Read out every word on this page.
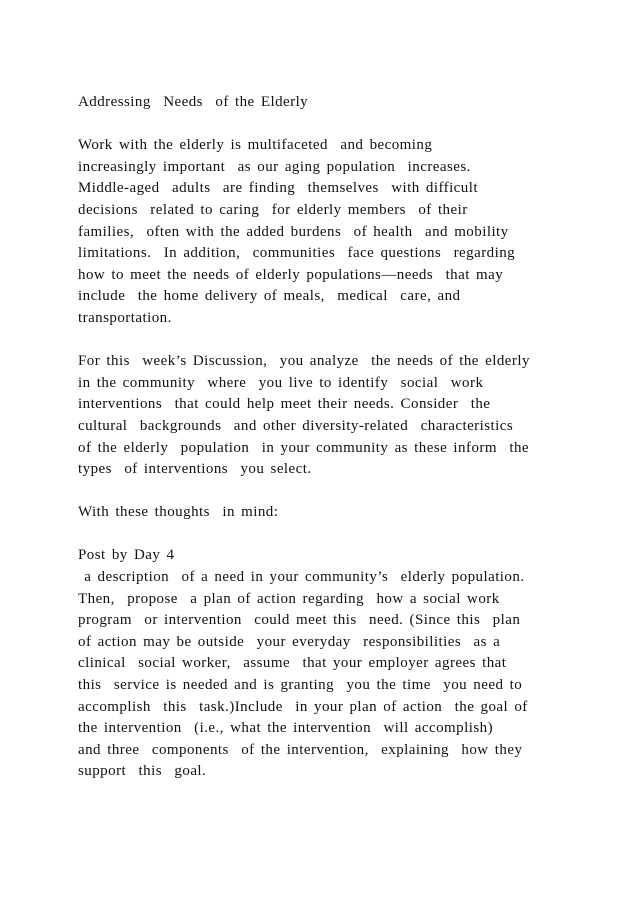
Addressing  Needs  of the Elderly
Work with the elderly is multifaceted  and becoming
increasingly important  as our aging population  increases.
Middle-aged  adults  are finding  themselves  with difficult
decisions  related to caring  for elderly members  of their
families,  often with the added burdens  of health  and mobility
limitations.  In addition,  communities  face questions  regarding
how to meet the needs of elderly populations—needs  that may
include  the home delivery of meals,  medical  care, and
transportation.
For this  week’s Discussion,  you analyze  the needs of the elderly
in the community  where  you live to identify  social  work
interventions  that could help meet their needs. Consider  the
cultural  backgrounds  and other diversity-related  characteristics
of the elderly  population  in your community as these inform  the
types  of interventions  you select.
With these thoughts  in mind:
Post by Day 4
a description  of a need in your community’s  elderly population.
Then,  propose  a plan of action regarding  how a social work
program  or intervention  could meet this  need. (Since this  plan
of action may be outside  your everyday  responsibilities  as a
clinical  social worker,  assume  that your employer agrees that
this  service is needed and is granting  you the time  you need to
accomplish  this  task.)Include  in your plan of action  the goal of
the intervention  (i.e., what the intervention  will accomplish)
and three  components  of the intervention,  explaining  how they
support  this  goal.
